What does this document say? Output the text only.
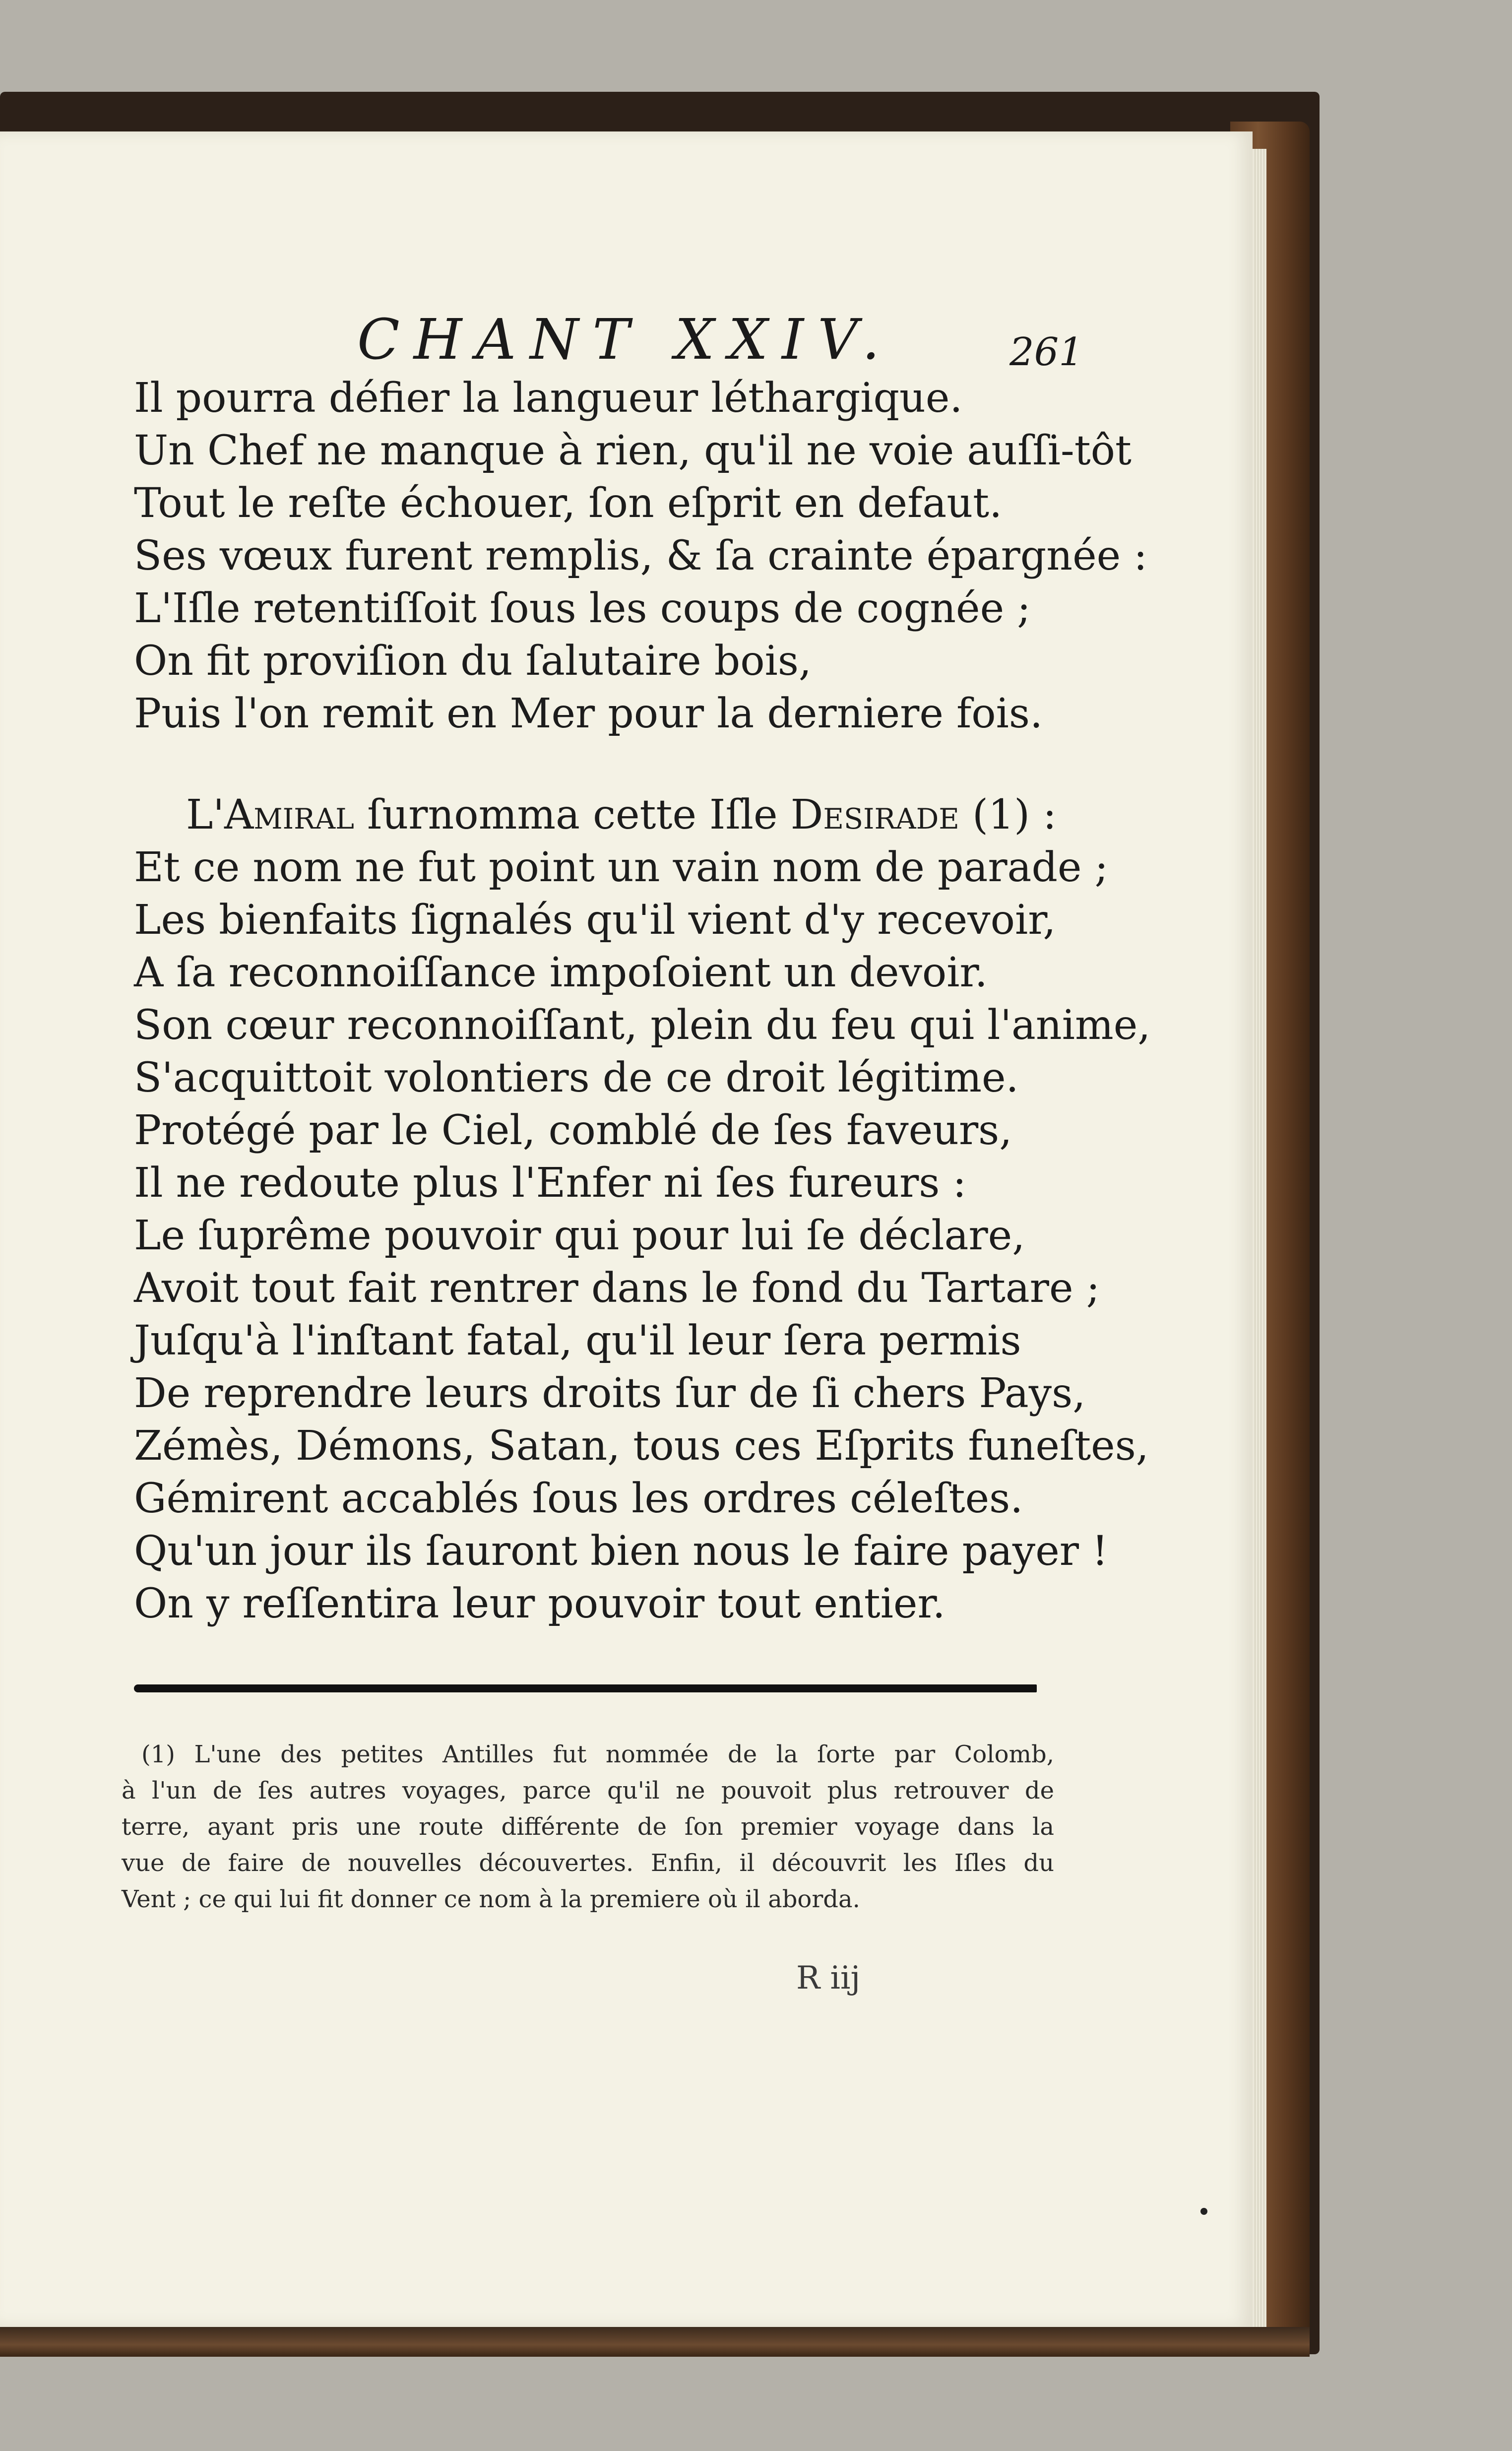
CHANT XXIV.	261
Il pourra défier la langueur léthargique.
Un Chef ne manque à rien, qu'il ne voie auſſi-tôt
Tout le reſte échouer, ſon eſprit en defaut.
Ses vœux furent remplis, & ſa crainte épargnée :
L'Iſle retentiſſoit ſous les coups de cognée ;
On fit proviſion du ſalutaire bois,
Puis l'on remit en Mer pour la derniere fois.
L'Amiral ſurnomma cette Iſle Desirade (1) :
Et ce nom ne fut point un vain nom de parade ;
Les bienfaits ſignalés qu'il vient d'y recevoir,
A ſa reconnoiſſance impoſoient un devoir.
Son cœur reconnoiſſant, plein du feu qui l'anime,
S'acquittoit volontiers de ce droit légitime.
Protégé par le Ciel, comblé de ſes faveurs,
Il ne redoute plus l'Enfer ni ſes fureurs :
Le ſuprême pouvoir qui pour lui ſe déclare,
Avoit tout fait rentrer dans le fond du Tartare ;
Juſqu'à l'inſtant fatal, qu'il leur ſera permis
De reprendre leurs droits ſur de ſi chers Pays,
Zémès, Démons, Satan, tous ces Eſprits funeſtes,
Gémirent accablés ſous les ordres céleſtes.
Qu'un jour ils ſauront bien nous le faire payer !
On y reſſentira leur pouvoir tout entier.
(1) L'une des petites Antilles fut nommée de la ſorte par Colomb,
à l'un de ſes autres voyages, parce qu'il ne pouvoit plus retrouver de
terre, ayant pris une route différente de ſon premier voyage dans la
vue de faire de nouvelles découvertes. Enfin, il découvrit les Iſles du
Vent ; ce qui lui fit donner ce nom à la premiere où il aborda.
R iij
